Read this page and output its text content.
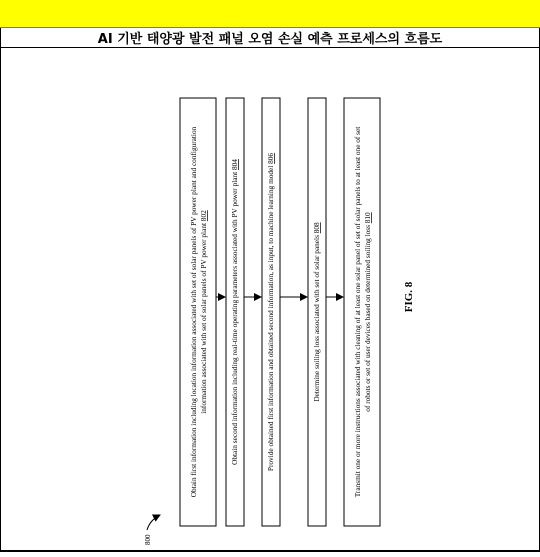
AI 기반 태양광 발전 패널 오염 손실 예측 프로세스의 흐름도
Obtain first information including location information associated with set of solar panels of PV power plant and configuration information associated with set of solar panels of PV power plant 802	Obtain second information including real-time operating parameters associated with PV power plant 804	Provide obtained first information and obtained second information, as input, to machine learning model 806
Determine soiling loss associated with set of solar panels 808	Transmit one or more instructions associated with cleaning of at least one solar panel of set of solar panels to at least one of set of robots or set of user devices based on determined soiling loss 810
FIG. 8
800
